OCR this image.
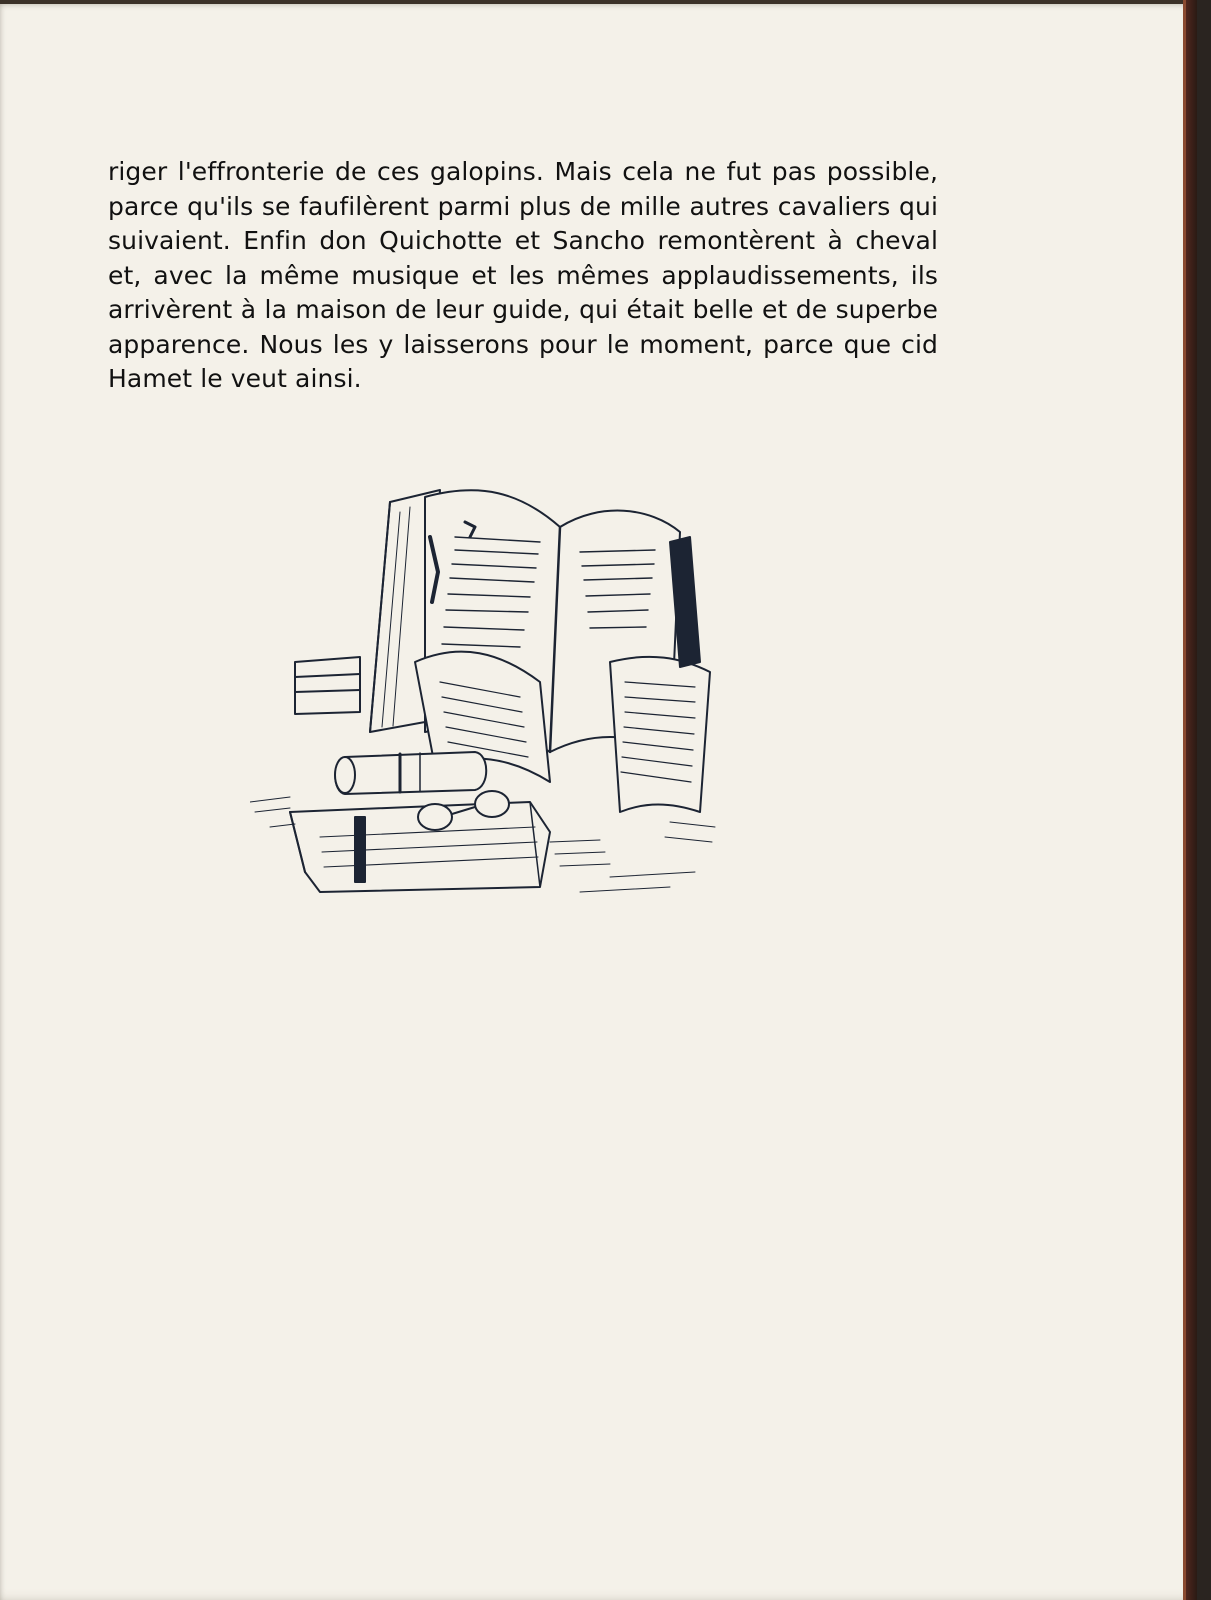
riger l'effronterie de ces galopins. Mais cela ne fut pas possible, parce qu'ils se faufilèrent parmi plus de mille autres cavaliers qui suivaient. Enfin don Quichotte et Sancho remontèrent à cheval et, avec la même musique et les mêmes applaudissements, ils arrivèrent à la maison de leur guide, qui était belle et de superbe apparence. Nous les y laisserons pour le moment, parce que cid Hamet le veut ainsi.
